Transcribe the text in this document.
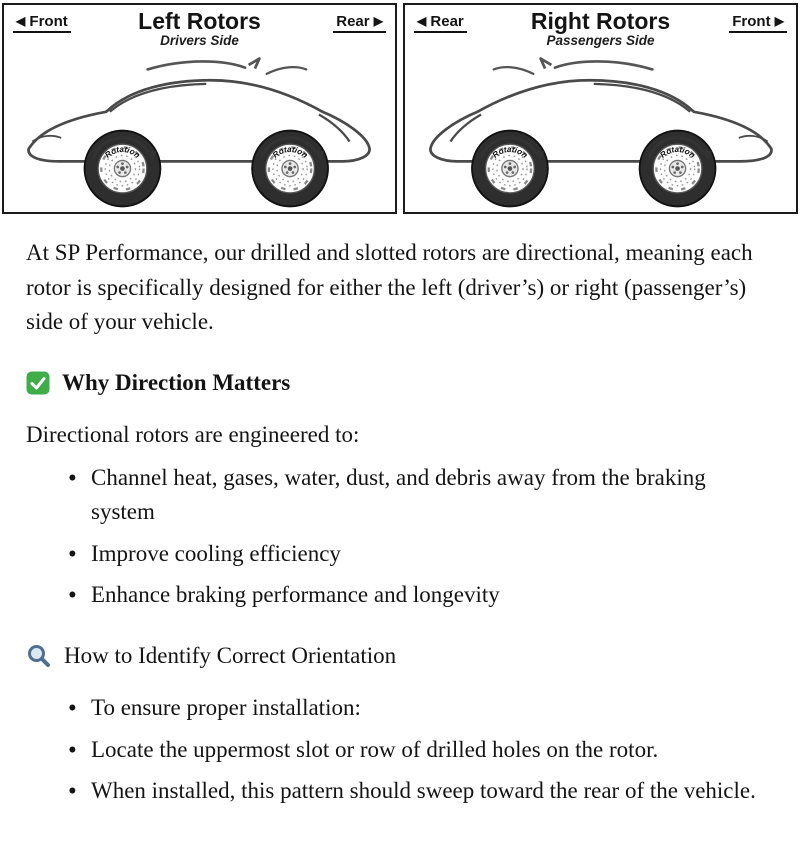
◀ Front	Left Rotors
Drivers Side
Rear ▶
Rotation	Rotation
◀ Rear	Right Rotors
Passengers Side
Front ▶
Rotation	Rotation

At SP Performance, our drilled and slotted rotors are directional, meaning each rotor is specifically designed for either the left (driver’s) or right (passenger’s) side of your vehicle.

Why Direction Matters

Directional rotors are engineered to:

• Channel heat, gases, water, dust, and debris away from the braking system
• Improve cooling efficiency
• Enhance braking performance and longevity
How to Identify Correct Orientation
• To ensure proper installation:
• Locate the uppermost slot or row of drilled holes on the rotor.
• When installed, this pattern should sweep toward the rear of the vehicle.
